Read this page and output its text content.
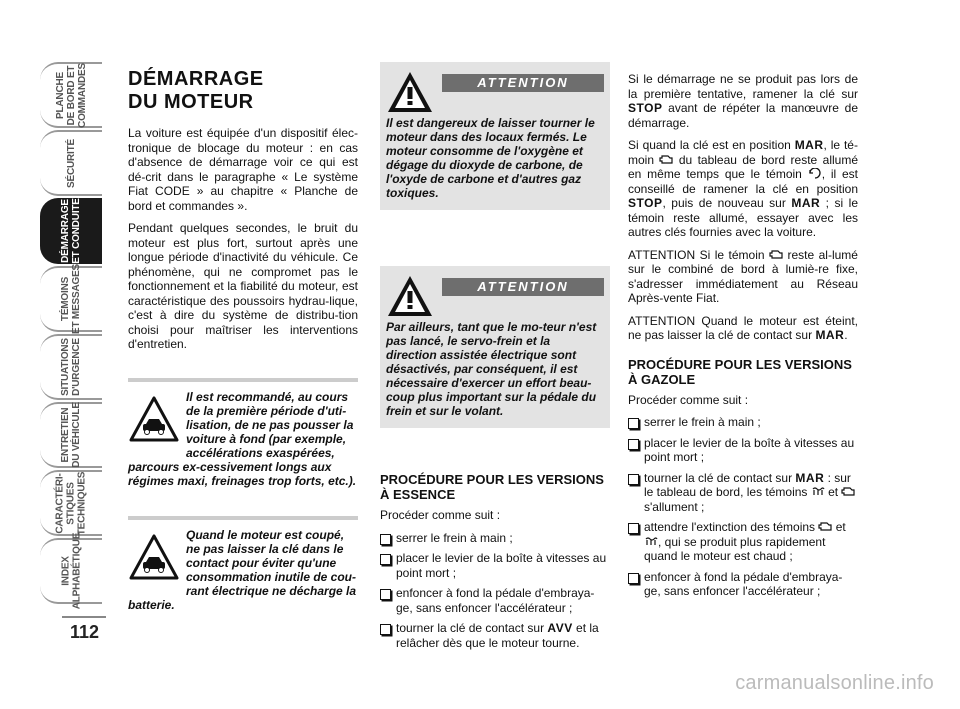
PLANCHE
DE BORD ET
COMMANDES
SÉCURITÉ
DÉMARRAGE
ET CONDUITE
TÉMOINS
ET MESSAGES
SITUATIONS
D'URGENCE
ENTRETIEN
DU VÉHICULE
CARACTÉRI-
STIQUES
TECHNIQUES
INDEX
ALPHABÉTIQUE
112
DÉMARRAGE
DU MOTEUR

La voiture est équipée d'un dispositif élec-tronique de blocage du moteur : en cas d'absence de démarrage voir ce qui est dé-crit dans le paragraphe « Le système Fiat CODE » au chapitre « Planche de bord et commandes ».

Pendant quelques secondes, le bruit du moteur est plus fort, surtout après une longue période d'inactivité du véhicule. Ce phénomène, qui ne compromet pas le fonctionnement et la fiabilité du moteur, est caractéristique des poussoirs hydrau-lique, c'est à dire du système de distribu-tion choisi pour maîtriser les interventions d'entretien.

Il est recommandé, au cours de la première période d'uti-lisation, de ne pas pousser la voiture à fond (par exemple, accélérations exaspérées, parcours ex-cessivement longs aux régimes maxi, freinages trop forts, etc.).
Quand le moteur est coupé, ne pas laisser la clé dans le contact pour éviter qu'une consommation inutile de cou-rant électrique ne décharge la batterie.
ATTENTION
Il est dangereux de laisser tourner le moteur dans des locaux fermés. Le moteur consomme de l'oxygène et dégage du dioxyde de carbone, de l'oxyde de carbone et d'autres gaz toxiques.
ATTENTION
Par ailleurs, tant que le mo-teur n'est pas lancé, le servo-frein et la direction assistée électrique sont désactivés, par conséquent, il est nécessaire d'exercer un effort beau-coup plus important sur la pédale du frein et sur le volant.
PROCÉDURE POUR LES VERSIONS À ESSENCE

Procéder comme suit :

serrer le frein à main ;
placer le levier de la boîte à vitesses au point mort ;
enfoncer à fond la pédale d'embraya-ge, sans enfoncer l'accélérateur ;
tourner la clé de contact sur AVV et la relâcher dès que le moteur tourne.

Si le démarrage ne se produit pas lors de la première tentative, ramener la clé sur STOP avant de répéter la manœuvre de démarrage.

Si quand la clé est en position MAR, le té-moin  du tableau de bord reste allumé en même temps que le témoin , il est conseillé de ramener la clé en position STOP, puis de nouveau sur MAR ; si le témoin reste allumé, essayer avec les autres clés fournies avec la voiture.

ATTENTION Si le témoin  reste al-lumé sur le combiné de bord à lumiè-re fixe, s'adresser immédiatement au Réseau Après-vente Fiat.

ATTENTION Quand le moteur est éteint, ne pas laisser la clé de contact sur MAR.

PROCÉDURE POUR LES VERSIONS À GAZOLE

Procéder comme suit :

serrer le frein à main ;
placer le levier de la boîte à vitesses au point mort ;
tourner la clé de contact sur MAR : sur le tableau de bord, les témoins  et  s'allument ;
attendre l'extinction des témoins  et , qui se produit plus rapidement quand le moteur est chaud ;
enfoncer à fond la pédale d'embraya-ge, sans enfoncer l'accélérateur ;
carmanualsonline.info
